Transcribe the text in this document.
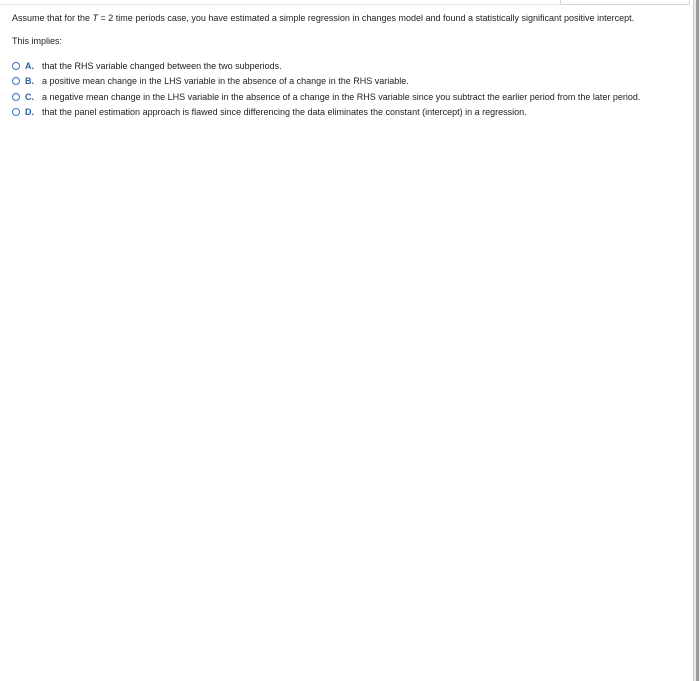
Assume that for the T = 2 time periods case, you have estimated a simple regression in changes model and found a statistically significant positive intercept.

This implies:

A. that the RHS variable changed between the two subperiods.
B. a positive mean change in the LHS variable in the absence of a change in the RHS variable.
C. a negative mean change in the LHS variable in the absence of a change in the RHS variable since you subtract the earlier period from the later period.
D. that the panel estimation approach is flawed since differencing the data eliminates the constant (intercept) in a regression.
